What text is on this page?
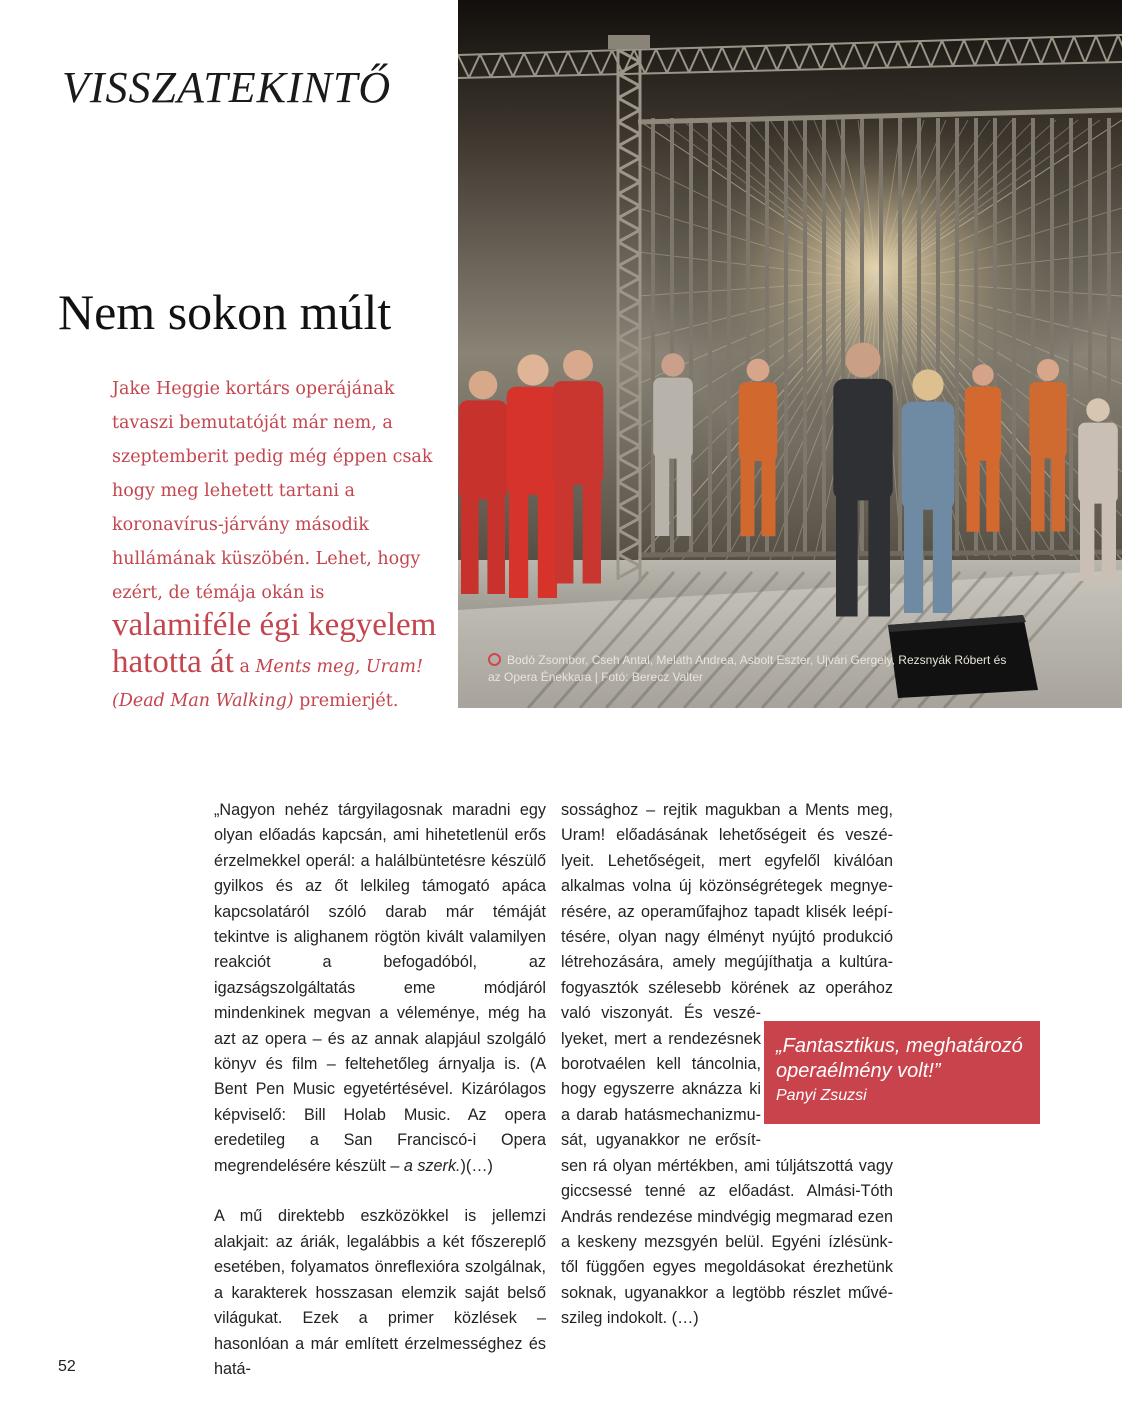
VISSZATEKINTŐ
Bodó Zsombor, Cseh Antal, Meláth Andrea, Asbolt Eszter, Ujvári Gergely, Rezsnyák Róbert és az Opera Énekkara | Fotó: Berecz Valter
Nem sokon múlt

Jake Heggie kortárs operájának tavaszi bemutatóját már nem, a szeptemberit pedig még éppen csak hogy meg lehetett tartani a koronavírus-járvány második hullámának küszöbén. Lehet, hogy ezért, de témája okán is valamiféle égi kegyelem hatotta át a Ments meg, Uram! (Dead Man Walking) premierjét.

„Nagyon nehéz tárgyilagosnak maradni egy olyan előadás kapcsán, ami hihetetlenül erős érzelmekkel operál: a halálbüntetésre készülő gyilkos és az őt lelkileg támogató apáca kapcsolatáról szóló darab már témáját tekintve is alighanem rögtön kivált valamilyen reakciót a befogadóból, az igazságszolgáltatás eme módjáról mindenkinek megvan a véleménye, még ha azt az opera – és az annak alapjául szolgáló könyv és film – feltehetőleg árnyalja is. (A Bent Pen Music egyetértésével. Kizárólagos képviselő: Bill Holab Music. Az opera eredetileg a San Franciscó-i Opera megrendelésére készült – a szerk.)(…)

A mű direktebb eszközökkel is jellemzi alakjait: az áriák, legalábbis a két főszereplő esetében, folyamatos önreflexióra szolgálnak, a karakterek hosszasan elemzik saját belső világukat. Ezek a primer közlések – hasonlóan a már említett érzelmességhez és hatá-

sossághoz – rejtik magukban a Ments meg,
Uram! előadásának lehetőségeit és veszé-
lyeit. Lehetőségeit, mert egyfelől kiválóan
alkalmas volna új közönségrétegek megnye-
résére, az operaműfajhoz tapadt klisék leépí-
tésére, olyan nagy élményt nyújtó produkció
létrehozására, amely megújíthatja a kultúra-
fogyasztók szélesebb körének az operához
való viszonyát. És veszé-
lyeket, mert a rendezésnek
borotvaélen kell táncolnia,
hogy egyszerre aknázza ki
a darab hatásmechanizmu-
sát, ugyanakkor ne erősít-
sen rá olyan mértékben, ami túljátszottá vagy
giccsessé tenné az előadást. Almási-Tóth
András rendezése mindvégig megmarad ezen
a keskeny mezsgyén belül. Egyéni ízlésünk-
től függően egyes megoldásokat érezhetünk
soknak, ugyanakkor a legtöbb részlet művé-
szileg indokolt. (…)
„Fantasztikus, meghatározó operaélmény volt!”
Panyi Zsuzsi
52
